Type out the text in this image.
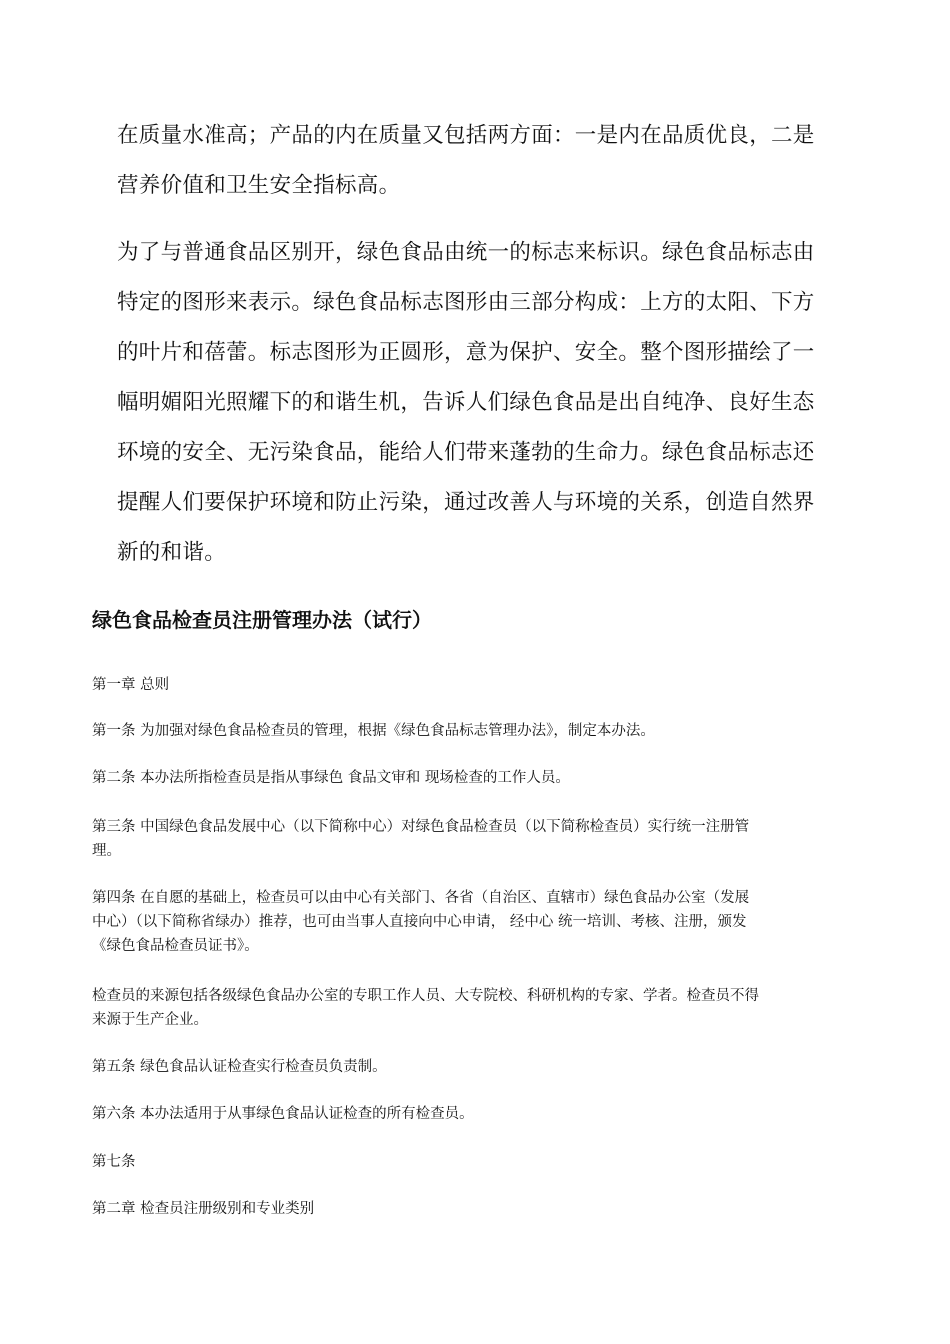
在质量水准高；产品的内在质量又包括两方面：一是内在品质优良，二是
营养价值和卫生安全指标高。

为了与普通食品区别开，绿色食品由统一的标志来标识。绿色食品标志由
特定的图形来表示。绿色食品标志图形由三部分构成：上方的太阳、下方
的叶片和蓓蕾。标志图形为正圆形，意为保护、安全。整个图形描绘了一
幅明媚阳光照耀下的和谐生机，告诉人们绿色食品是出自纯净、良好生态
环境的安全、无污染食品，能给人们带来蓬勃的生命力。绿色食品标志还
提醒人们要保护环境和防止污染，通过改善人与环境的关系，创造自然界
新的和谐。

绿色食品检查员注册管理办法（试行）

第一章 总则

第一条 为加强对绿色食品检查员的管理，根据《绿色食品标志管理办法》，制定本办法。

第二条 本办法所指检查员是指从事绿色 食品文审和 现场检查的工作人员。

第三条 中国绿色食品发展中心（以下简称中心）对绿色食品检查员（以下简称检查员）实行统一注册管
理。

第四条 在自愿的基础上，检查员可以由中心有关部门、各省（自治区、直辖市）绿色食品办公室（发展
中心）（以下简称省绿办）推荐，也可由当事人直接向中心申请， 经中心 统一培训、考核、注册，颁发
《绿色食品检查员证书》。

检查员的来源包括各级绿色食品办公室的专职工作人员、大专院校、科研机构的专家、学者。检查员不得
来源于生产企业。

第五条 绿色食品认证检查实行检查员负责制。

第六条 本办法适用于从事绿色食品认证检查的所有检查员。

第七条

第二章 检查员注册级别和专业类别
